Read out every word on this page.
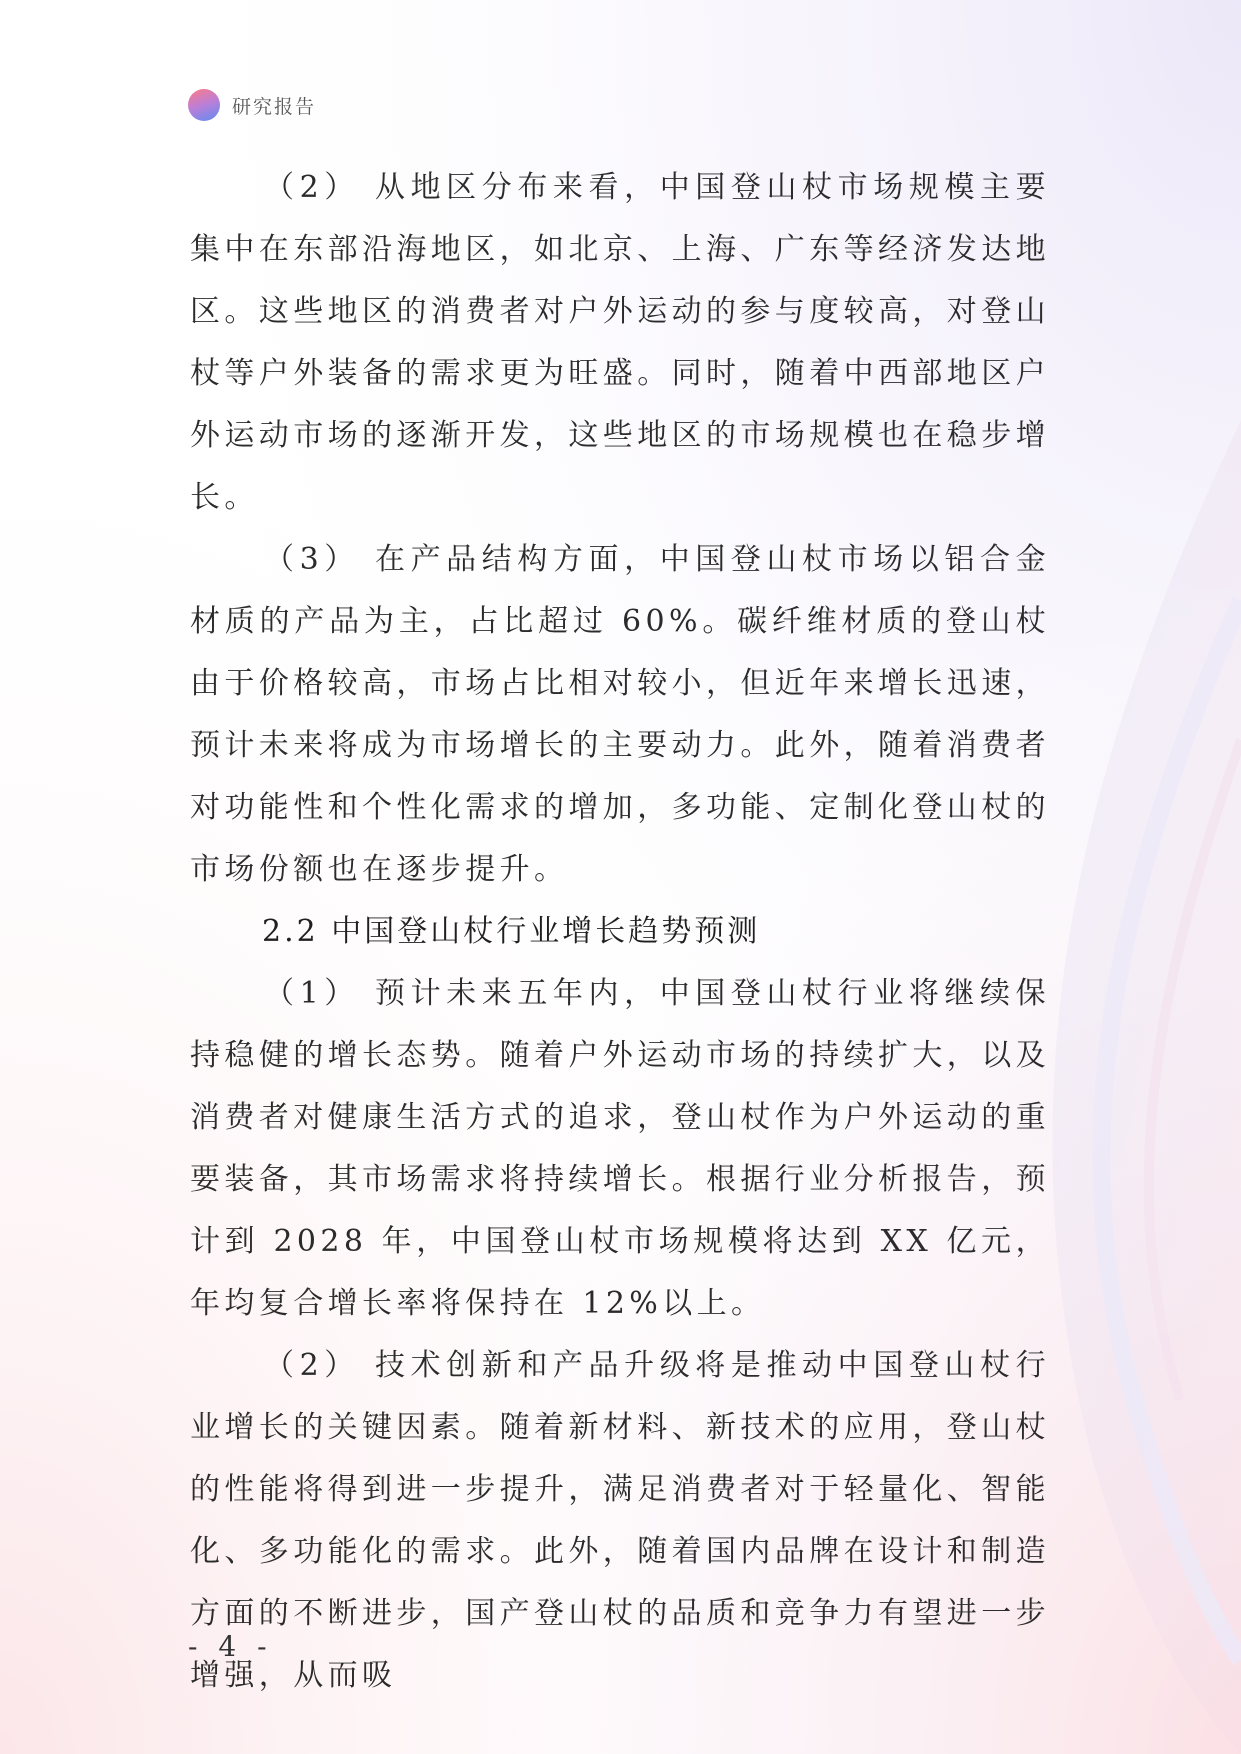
研究报告

（2） 从地区分布来看，中国登山杖市场规模主要集中在东部沿海地区，如北京、上海、广东等经济发达地区。这些地区的消费者对户外运动的参与度较高，对登山杖等户外装备的需求更为旺盛。同时，随着中西部地区户外运动市场的逐渐开发，这些地区的市场规模也在稳步增长。

（3） 在产品结构方面，中国登山杖市场以铝合金材质的产品为主，占比超过 60%。碳纤维材质的登山杖由于价格较高，市场占比相对较小，但近年来增长迅速，预计未来将成为市场增长的主要动力。此外，随着消费者对功能性和个性化需求的增加，多功能、定制化登山杖的市场份额也在逐步提升。

2.2 中国登山杖行业增长趋势预测

（1） 预计未来五年内，中国登山杖行业将继续保持稳健的增长态势。随着户外运动市场的持续扩大，以及消费者对健康生活方式的追求，登山杖作为户外运动的重要装备，其市场需求将持续增长。根据行业分析报告，预计到 2028 年，中国登山杖市场规模将达到 XX 亿元，年均复合增长率将保持在 12%以上。

（2） 技术创新和产品升级将是推动中国登山杖行业增长的关键因素。随着新材料、新技术的应用，登山杖的性能将得到进一步提升，满足消费者对于轻量化、智能化、多功能化的需求。此外，随着国内品牌在设计和制造方面的不断进步，国产登山杖的品质和竞争力有望进一步增强，从而吸

- 4 -
